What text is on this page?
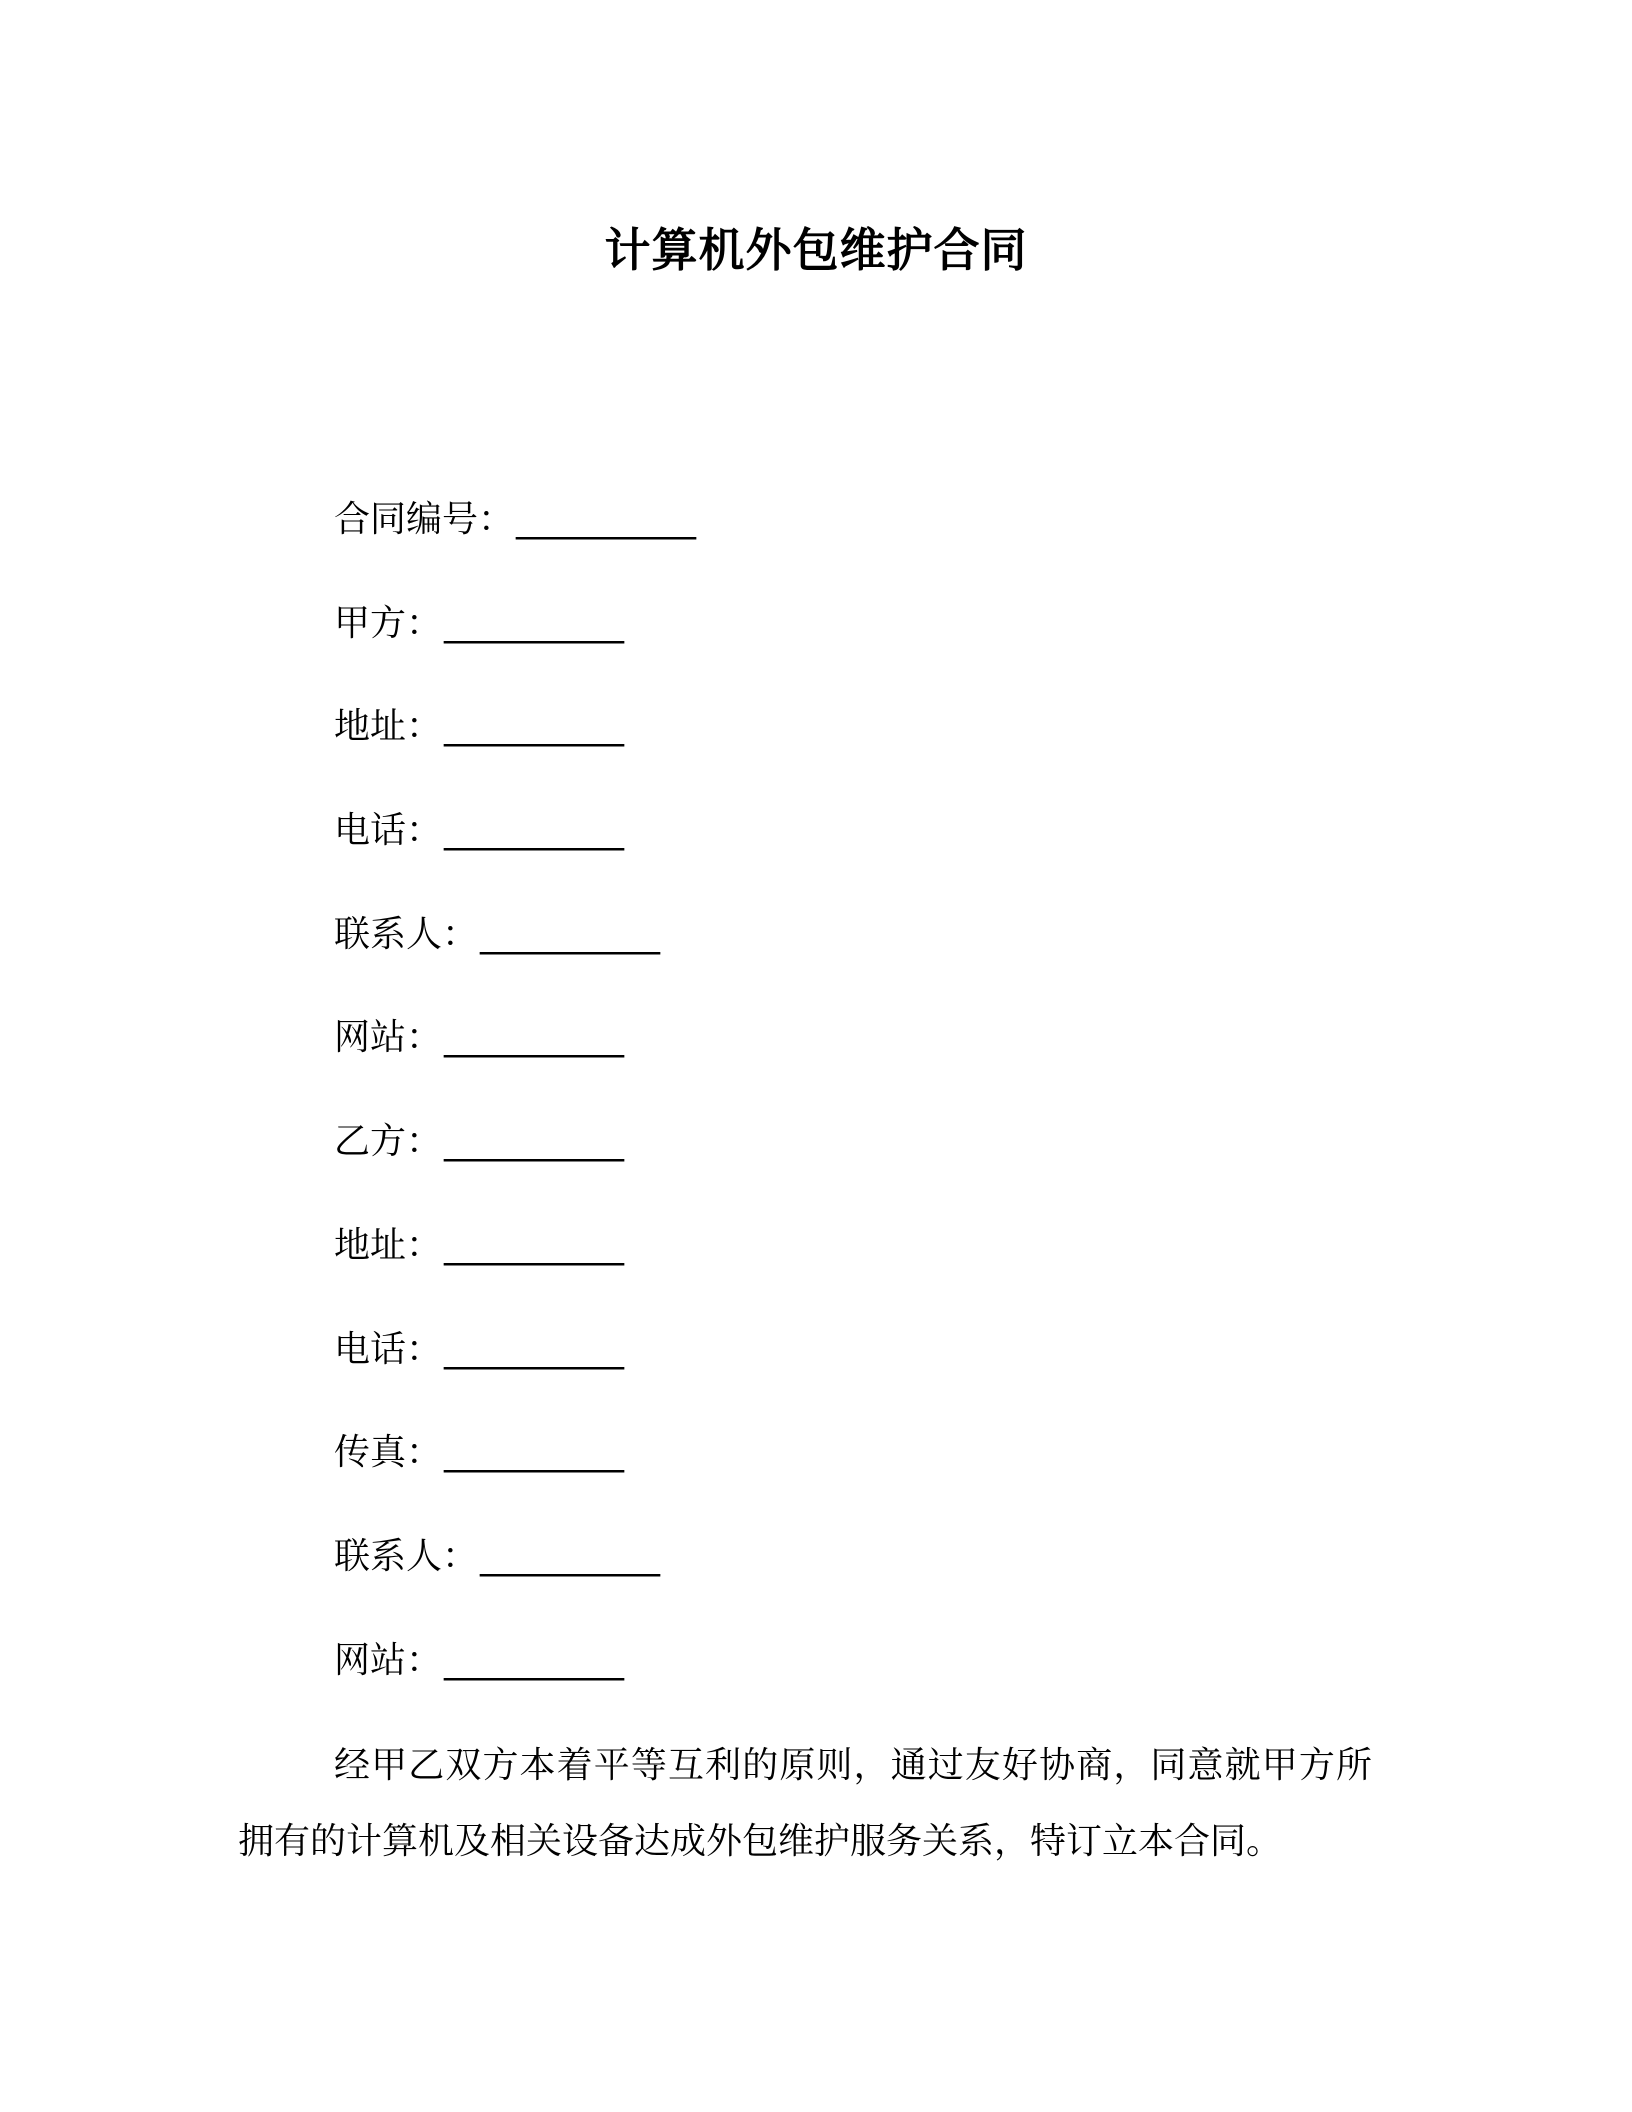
计算机外包维护合同
合同编号：__________
甲方：__________
地址：__________
电话：__________
联系人：__________
网站：__________
乙方：__________
地址：__________
电话：__________
传真：__________
联系人：__________
网站：__________

经甲乙双方本着平等互利的原则，通过友好协商，同意就甲方所拥有的计算机及相关设备达成外包维护服务关系，特订立本合同。
